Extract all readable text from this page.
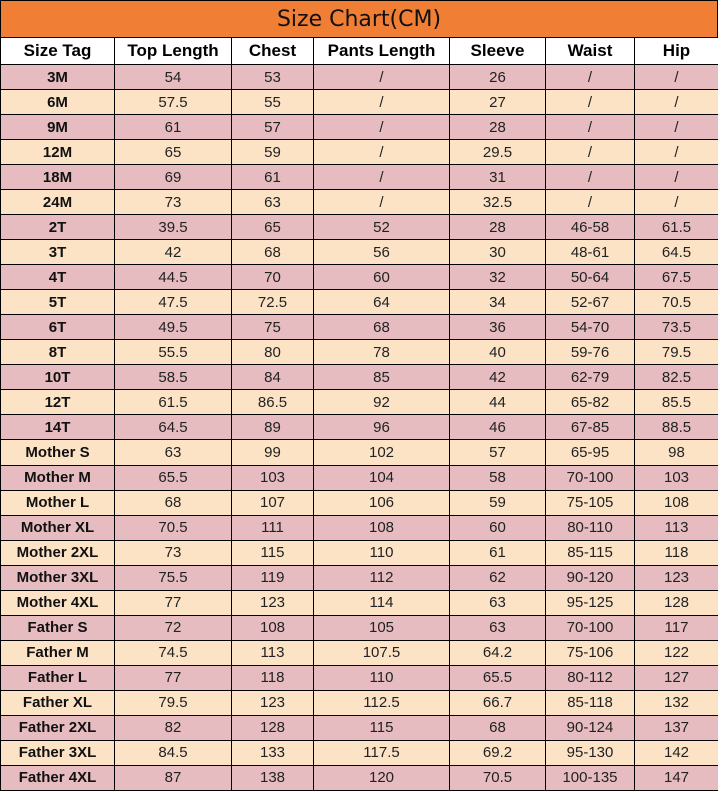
Size Chart(CM)
Size Tag	Top Length	Chest	Pants Length	Sleeve	Waist	Hip
3M	54	53	/	26	/	/
6M	57.5	55	/	27	/	/
9M	61	57	/	28	/	/
12M	65	59	/	29.5	/	/
18M	69	61	/	31	/	/
24M	73	63	/	32.5	/	/
2T	39.5	65	52	28	46-58	61.5
3T	42	68	56	30	48-61	64.5
4T	44.5	70	60	32	50-64	67.5
5T	47.5	72.5	64	34	52-67	70.5
6T	49.5	75	68	36	54-70	73.5
8T	55.5	80	78	40	59-76	79.5
10T	58.5	84	85	42	62-79	82.5
12T	61.5	86.5	92	44	65-82	85.5
14T	64.5	89	96	46	67-85	88.5
Mother S	63	99	102	57	65-95	98
Mother M	65.5	103	104	58	70-100	103
Mother L	68	107	106	59	75-105	108
Mother XL	70.5	111	108	60	80-110	113
Mother 2XL	73	115	110	61	85-115	118
Mother 3XL	75.5	119	112	62	90-120	123
Mother 4XL	77	123	114	63	95-125	128
Father S	72	108	105	63	70-100	117
Father M	74.5	113	107.5	64.2	75-106	122
Father L	77	118	110	65.5	80-112	127
Father XL	79.5	123	112.5	66.7	85-118	132
Father 2XL	82	128	115	68	90-124	137
Father 3XL	84.5	133	117.5	69.2	95-130	142
Father 4XL	87	138	120	70.5	100-135	147
